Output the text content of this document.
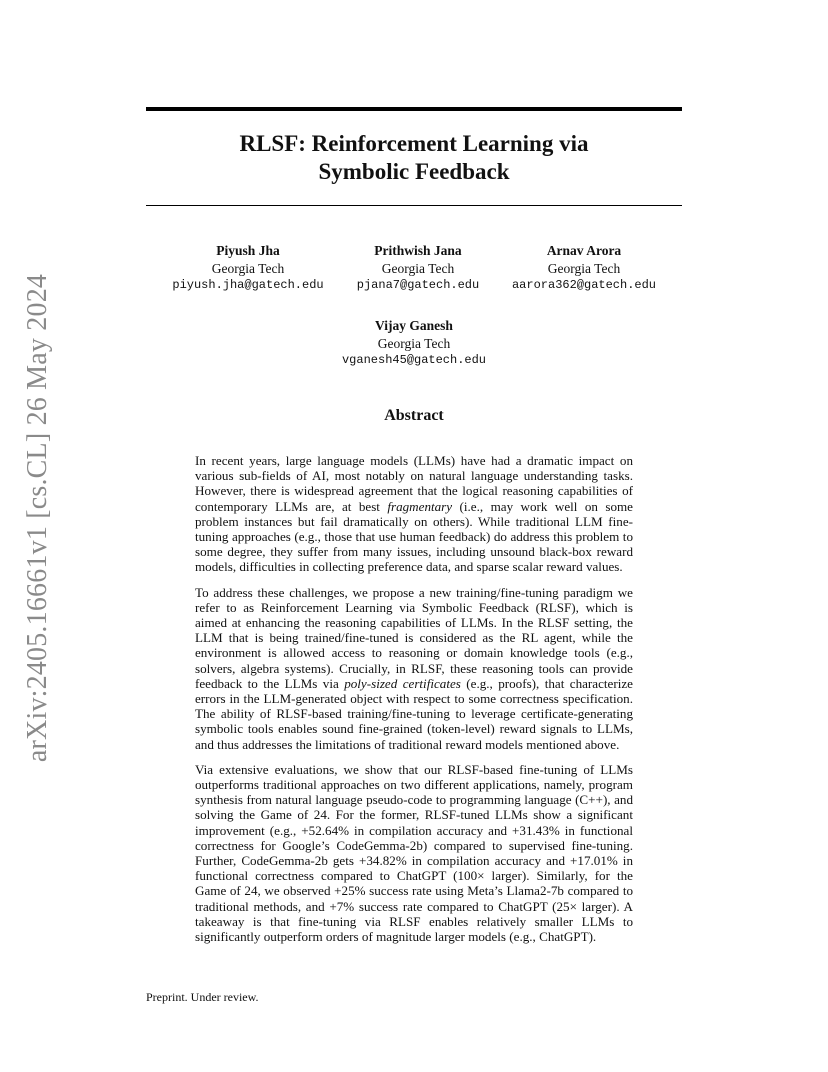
arXiv:2405.16661v1 [cs.CL] 26 May 2024
RLSF: Reinforcement Learning via
Symbolic Feedback
Piyush Jha
Georgia Tech
piyush.jha@gatech.edu
Prithwish Jana
Georgia Tech
pjana7@gatech.edu
Arnav Arora
Georgia Tech
aarora362@gatech.edu
Vijay Ganesh
Georgia Tech
vganesh45@gatech.edu
Abstract

In recent years, large language models (LLMs) have had a dramatic impact on various sub-fields of AI, most notably on natural language understanding tasks. However, there is widespread agreement that the logical reasoning capabilities of contemporary LLMs are, at best fragmentary (i.e., may work well on some problem instances but fail dramatically on others). While traditional LLM fine-tuning approaches (e.g., those that use human feedback) do address this problem to some degree, they suffer from many issues, including unsound black-box reward models, difficulties in collecting preference data, and sparse scalar reward values.

To address these challenges, we propose a new training/fine-tuning paradigm we refer to as Reinforcement Learning via Symbolic Feedback (RLSF), which is aimed at enhancing the reasoning capabilities of LLMs. In the RLSF setting, the LLM that is being trained/fine-tuned is considered as the RL agent, while the environment is allowed access to reasoning or domain knowledge tools (e.g., solvers, algebra systems). Crucially, in RLSF, these reasoning tools can provide feedback to the LLMs via poly-sized certificates (e.g., proofs), that characterize errors in the LLM-generated object with respect to some correctness specification. The ability of RLSF-based training/fine-tuning to leverage certificate-generating symbolic tools enables sound fine-grained (token-level) reward signals to LLMs, and thus addresses the limitations of traditional reward models mentioned above.

Via extensive evaluations, we show that our RLSF-based fine-tuning of LLMs outperforms traditional approaches on two different applications, namely, program synthesis from natural language pseudo-code to programming language (C++), and solving the Game of 24. For the former, RLSF-tuned LLMs show a significant improvement (e.g., +52.64% in compilation accuracy and +31.43% in functional correctness for Google’s CodeGemma-2b) compared to supervised fine-tuning. Further, CodeGemma-2b gets +34.82% in compilation accuracy and +17.01% in functional correctness compared to ChatGPT (100× larger). Similarly, for the Game of 24, we observed +25% success rate using Meta’s Llama2-7b compared to traditional methods, and +7% success rate compared to ChatGPT (25× larger). A takeaway is that fine-tuning via RLSF enables relatively smaller LLMs to significantly outperform orders of magnitude larger models (e.g., ChatGPT).

Preprint. Under review.
